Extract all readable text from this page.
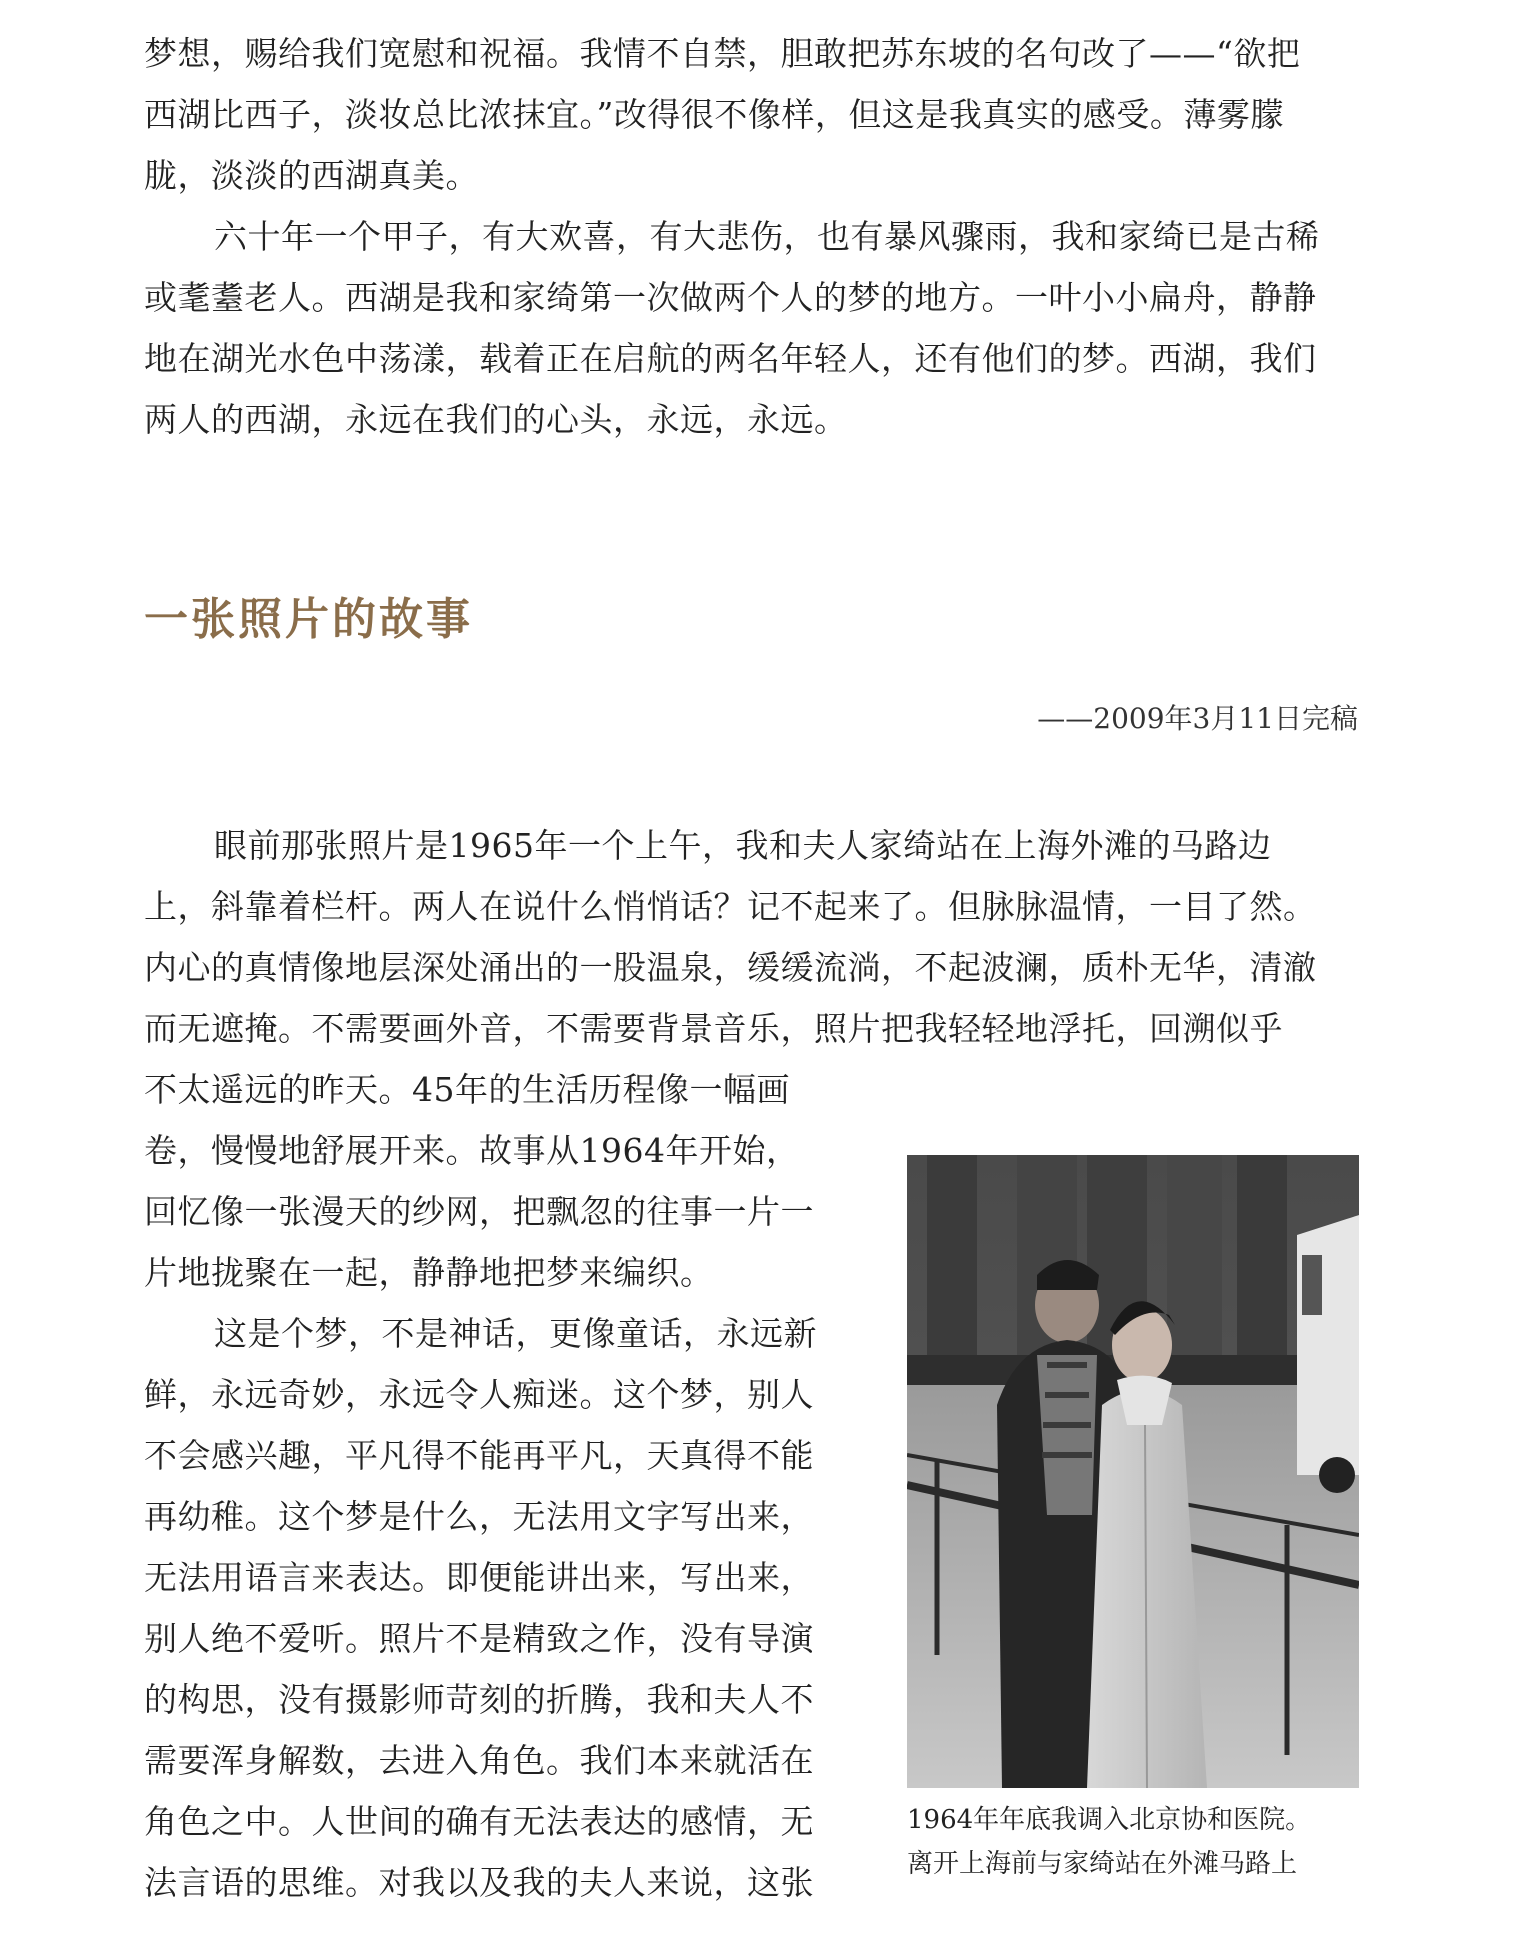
梦想，赐给我们宽慰和祝福。我情不自禁，胆敢把苏东坡的名句改了——“欲把
西湖比西子，淡妆总比浓抹宜。”改得很不像样，但这是我真实的感受。薄雾朦
胧，淡淡的西湖真美。
六十年一个甲子，有大欢喜，有大悲伤，也有暴风骤雨，我和家绮已是古稀
或耄耋老人。西湖是我和家绮第一次做两个人的梦的地方。一叶小小扁舟，静静
地在湖光水色中荡漾，载着正在启航的两名年轻人，还有他们的梦。西湖，我们
两人的西湖，永远在我们的心头，永远，永远。
一张照片的故事
——2009年3月11日完稿
眼前那张照片是1965年一个上午，我和夫人家绮站在上海外滩的马路边
上，斜靠着栏杆。两人在说什么悄悄话？记不起来了。但脉脉温情，一目了然。
内心的真情像地层深处涌出的一股温泉，缓缓流淌，不起波澜，质朴无华，清澈
而无遮掩。不需要画外音，不需要背景音乐，照片把我轻轻地浮托，回溯似乎
不太遥远的昨天。45年的生活历程像一幅画
卷，慢慢地舒展开来。故事从1964年开始，
回忆像一张漫天的纱网，把飘忽的往事一片一
片地拢聚在一起，静静地把梦来编织。
这是个梦，不是神话，更像童话，永远新
鲜，永远奇妙，永远令人痴迷。这个梦，别人
不会感兴趣，平凡得不能再平凡，天真得不能
再幼稚。这个梦是什么，无法用文字写出来，
无法用语言来表达。即便能讲出来，写出来，
别人绝不爱听。照片不是精致之作，没有导演
的构思，没有摄影师苛刻的折腾，我和夫人不
需要浑身解数，去进入角色。我们本来就活在
角色之中。人世间的确有无法表达的感情，无
法言语的思维。对我以及我的夫人来说，这张
1964年年底我调入北京协和医院。
离开上海前与家绮站在外滩马路上
